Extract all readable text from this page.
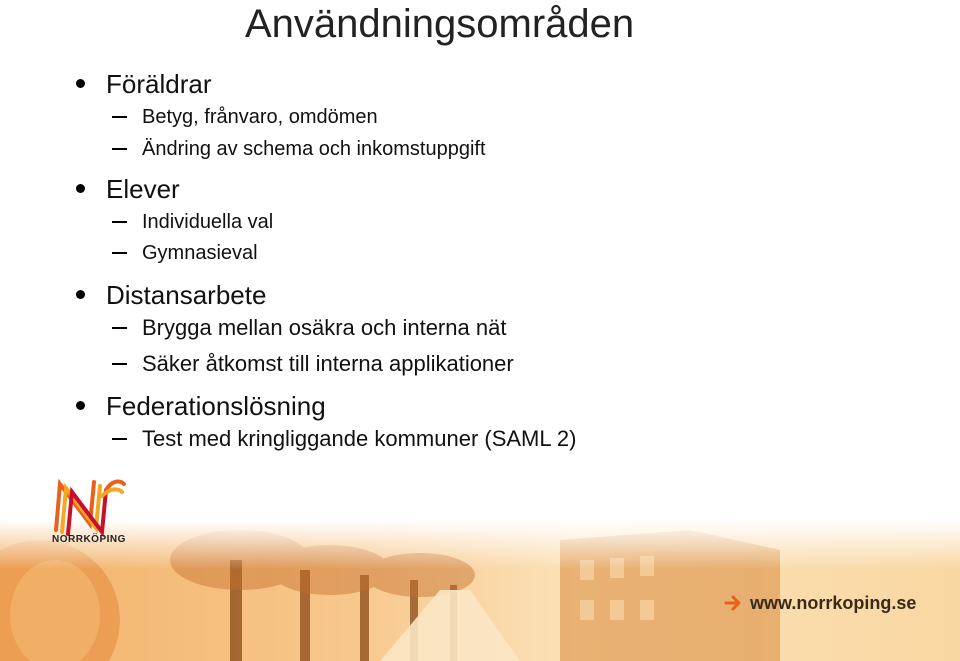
Användningsområden
Föräldrar
Betyg, frånvaro, omdömen
Ändring av schema och inkomstuppgift
Elever
Individuella val
Gymnasieval
Distansarbete
Brygga mellan osäkra och interna nät
Säker åtkomst till interna applikationer
Federationslösning
Test med kringliggande kommuner (SAML 2)
NORRKÖPING
www.norrkoping.se
